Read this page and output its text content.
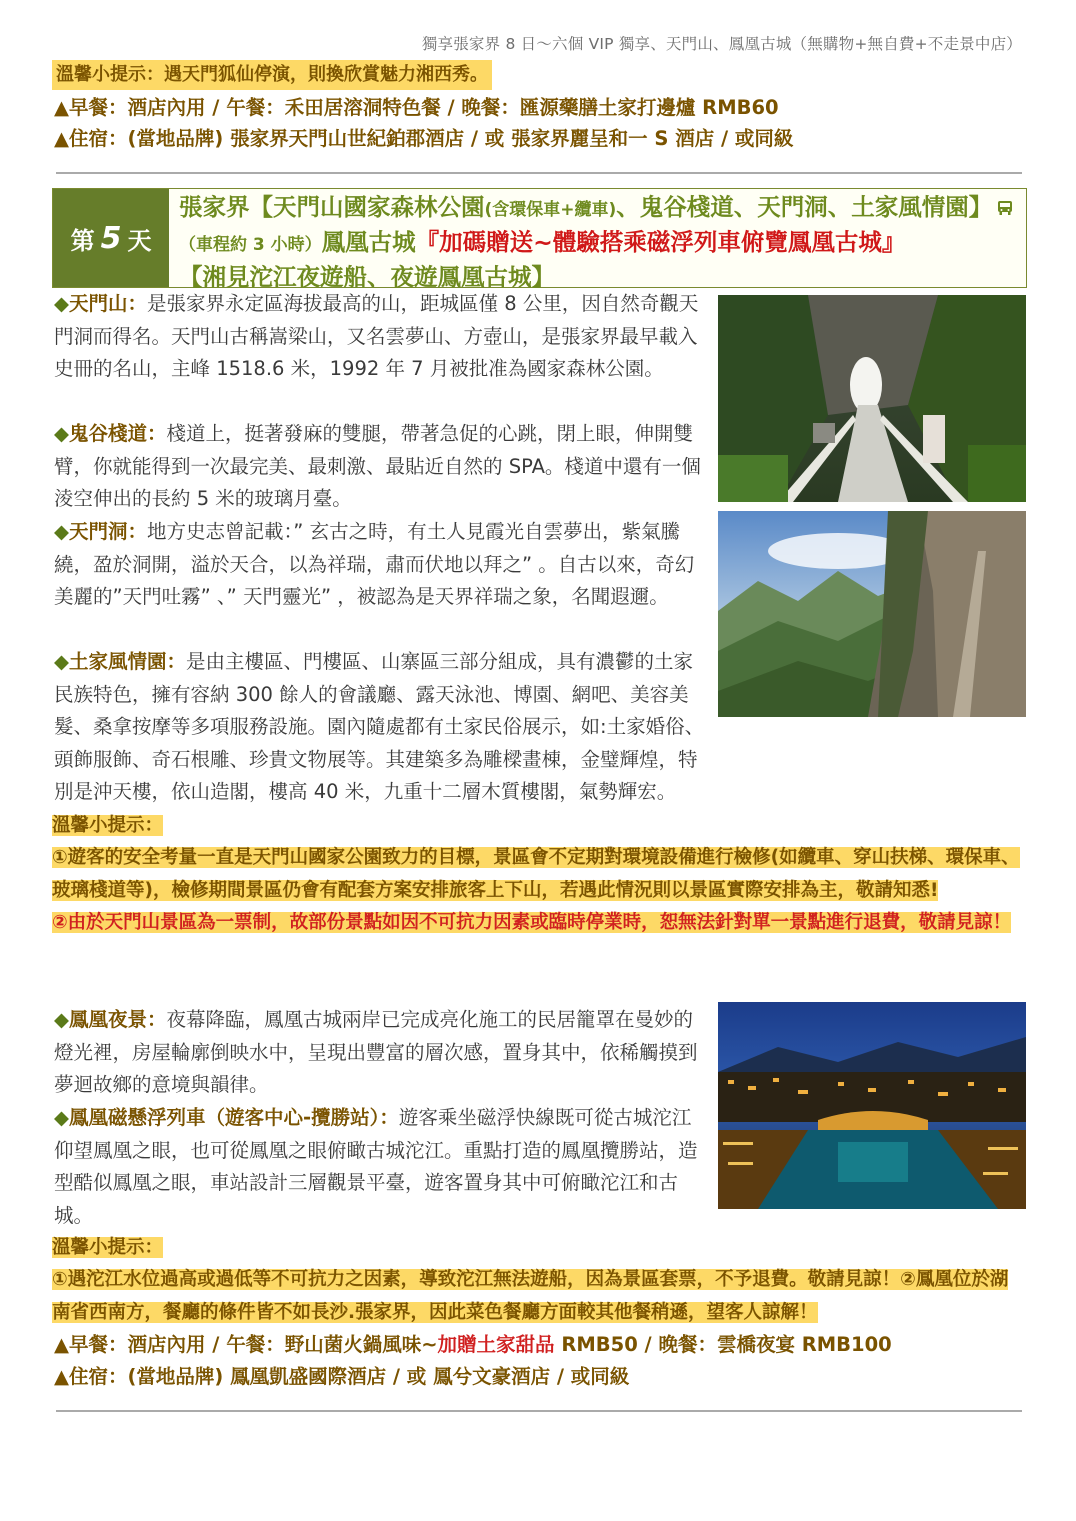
獨享張家界 8 日～六個 VIP 獨享、天門山、鳳凰古城（無購物+無自費+不走景中店）
溫馨小提示：遇天門狐仙停演，則換欣賞魅力湘西秀。
▲早餐：酒店內用 / 午餐：禾田居溶洞特色餐 / 晚餐：匯源藥膳土家打邊爐 RMB60
▲住宿：(當地品牌) 張家界天門山世紀鉑郡酒店 / 或 張家界麗呈和一 S 酒店 / 或同級
第 5 天
張家界【天門山國家森林公園(含環保車+纜車)、鬼谷棧道、天門洞、土家風情園】（車程約 3 小時）鳳凰古城『加碼贈送~體驗搭乘磁浮列車俯覽鳳凰古城』
【湘見沱江夜遊船、夜遊鳳凰古城】
◆天門山：是張家界永定區海拔最高的山，距城區僅 8 公里，因自然奇觀天門洞而得名。天門山古稱嵩梁山，又名雲夢山、方壺山，是張家界最早載入史冊的名山，主峰 1518.6 米，1992 年 7 月被批准為國家森林公園。
◆鬼谷棧道：棧道上，挺著發麻的雙腿，帶著急促的心跳，閉上眼，伸開雙臂，你就能得到一次最完美、最刺激、最貼近自然的 SPA。棧道中還有一個淩空伸出的長約 5 米的玻璃月臺。
◆天門洞：地方史志曾記載：” 玄古之時，有土人見霞光自雲夢出，紫氣騰繞，盈於洞開，溢於天合，以為祥瑞，肅而伏地以拜之” 。自古以來，奇幻美麗的”天門吐霧” 、” 天門靈光” ，被認為是天界祥瑞之象，名聞遐邇。
◆土家風情園：是由主樓區、門樓區、山寨區三部分組成，具有濃鬱的土家民族特色，擁有容納 300 餘人的會議廳、露天泳池、博園、網吧、美容美髮、桑拿按摩等多項服務設施。園內隨處都有土家民俗展示，如:土家婚俗、頭飾服飾、奇石根雕、珍貴文物展等。其建築多為雕樑畫棟，金璧輝煌，特別是沖天樓，依山造閣，樓高 40 米，九重十二層木質樓閣，氣勢輝宏。
溫馨小提示：
①遊客的安全考量一直是天門山國家公園致力的目標，景區會不定期對環境設備進行檢修(如纜車、穿山扶梯、環保車、玻璃棧道等)，檢修期間景區仍會有配套方案安排旅客上下山，若遇此情況則以景區實際安排為主，敬請知悉!
②由於天門山景區為一票制，故部份景點如因不可抗力因素或臨時停業時，恕無法針對單一景點進行退費，敬請見諒！
◆鳳凰夜景：夜幕降臨，鳳凰古城兩岸已完成亮化施工的民居籠罩在曼妙的燈光裡，房屋輪廓倒映水中，呈現出豐富的層次感，置身其中，依稀觸摸到夢迴故鄉的意境與韻律。
◆鳳凰磁懸浮列車（遊客中心-攬勝站）：遊客乘坐磁浮快線既可從古城沱江仰望鳳凰之眼，也可從鳳凰之眼俯瞰古城沱江。重點打造的鳳凰攬勝站，造型酷似鳳凰之眼，車站設計三層觀景平臺，遊客置身其中可俯瞰沱江和古城。
溫馨小提示：
①遇沱江水位過高或過低等不可抗力之因素，導致沱江無法遊船，因為景區套票，不予退費。敬請見諒！②鳳凰位於湖南省西南方，餐廳的條件皆不如長沙.張家界，因此菜色餐廳方面較其他餐稍遜，望客人諒解！
▲早餐：酒店內用 / 午餐：野山菌火鍋風味~加贈土家甜品 RMB50 / 晚餐：雲橋夜宴 RMB100
▲住宿：(當地品牌) 鳳凰凱盛國際酒店 / 或 鳳兮文豪酒店 / 或同級
